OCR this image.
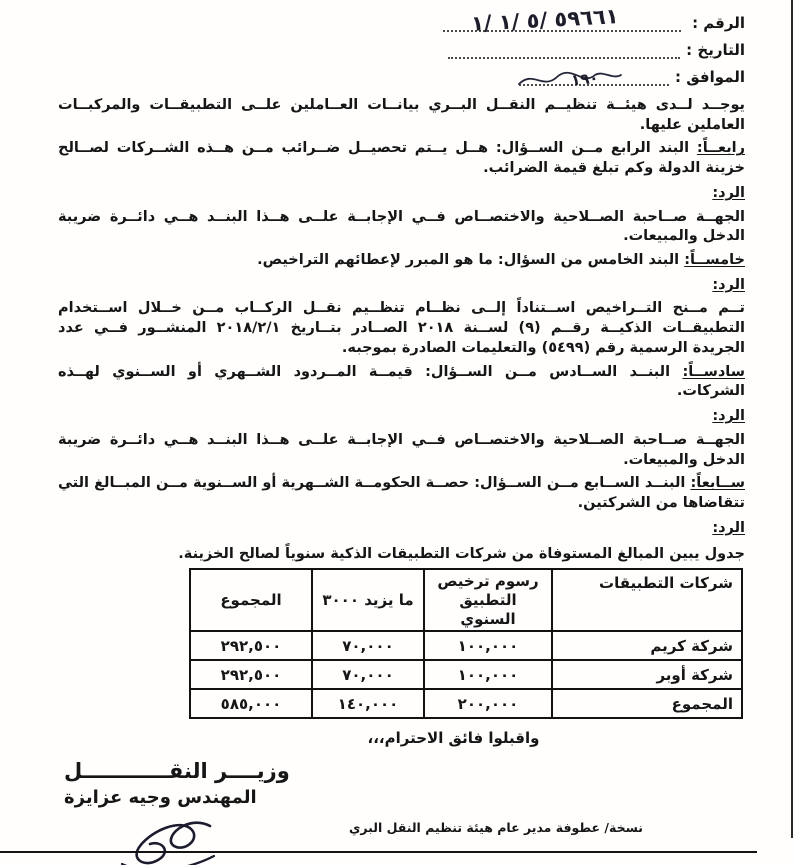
الرقم :
٥٩٦٦١ /٥ /١ /١
التاريخ :
الموافق :
١٩٠

يوجــد لــدى هيئــة تنظيــم النقــل البــري بيانــات العــاملين علــى التطبيقــات والمركبــات العاملين عليها.

رابعــاً: البند الرابع مــن الســؤال: هــل يــتم تحصيــل ضــرائب مــن هــذه الشــركات لصــالح خزينة الدولة وكم تبلغ قيمة الضرائب.

الرد:

الجهــة صــاحبة الصــلاحية والاختصــاص فــي الإجابــة علــى هــذا البنــد هــي دائــرة ضريبة الدخل والمبيعات.

خامســاً: البند الخامس من السؤال: ما هو المبرر لإعطائهم التراخيص.

الرد:

تــم مــنح التــراخيص اســتناداً إلــى نظــام تنظــيم نقــل الركــاب مــن خــلال اســتخدام التطبيقــات الذكيــة رقــم (٩) لســنة ٢٠١٨ الصــادر بتــاريخ ٢٠١٨/٢/١ المنشــور فــي عدد الجريدة الرسمية رقم (٥٤٩٩) والتعليمات الصادرة بموجبه.

سادســاً: البنــد الســادس مــن الســؤال: قيمــة المــردود الشــهري أو الســنوي لهــذه الشركات.

الرد:

الجهــة صــاحبة الصــلاحية والاختصــاص فــي الإجابــة علــى هــذا البنــد هــي دائــرة ضريبة الدخل والمبيعات.

ســابعاً: البنــد الســابع مــن الســؤال: حصــة الحكومــة الشــهرية أو الســنوية مــن المبــالغ التي تتقاضاها من الشركتين.

الرد:

جدول يبين المبالغ المستوفاة من شركات التطبيقات الذكية سنوياً لصالح الخزينة.
شركات التطبيقات	رسوم ترخيص التطبيق السنوي	ما يزيد ٣٠٠٠	المجموع
شركة كريم	١٠٠,٠٠٠	٧٠,٠٠٠	٢٩٢,٥٠٠
شركة أوبر	١٠٠,٠٠٠	٧٠,٠٠٠	٢٩٢,٥٠٠
المجموع	٢٠٠,٠٠٠	١٤٠,٠٠٠	٥٨٥,٠٠٠
واقبلوا فائق الاحترام،،،
وزيــــر النقــــــــــــل
المهندس وجيه عزايزة
نسخة/ عطوفة مدير عام هيئة تنظيم النقل البري
